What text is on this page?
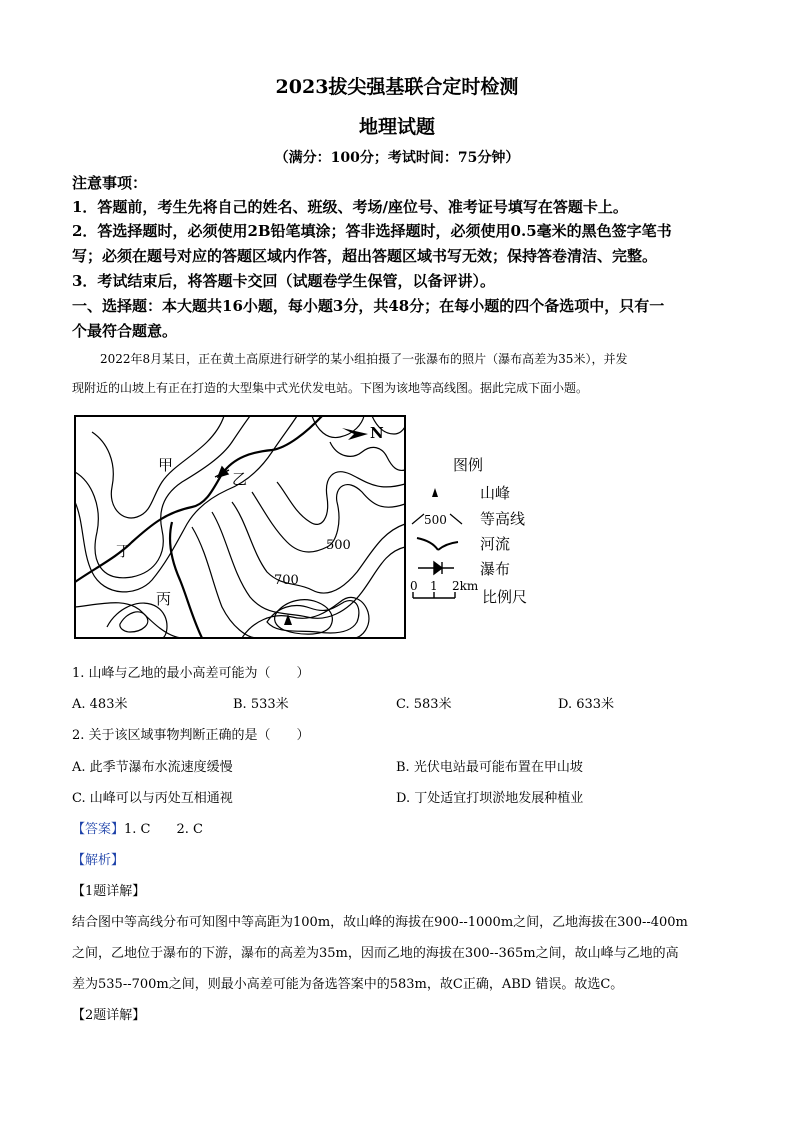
2023拔尖强基联合定时检测
地理试题
（满分：100分；考试时间：75分钟）
注意事项：
1．答题前，考生先将自己的姓名、班级、考场/座位号、准考证号填写在答题卡上。
2．答选择题时，必须使用2B铅笔填涂；答非选择题时，必须使用0.5毫米的黑色签字笔书
写；必须在题号对应的答题区域内作答，超出答题区域书写无效；保持答卷清洁、完整。
3．考试结束后，将答题卡交回（试题卷学生保管，以备评讲）。
一、选择题：本大题共16小题，每小题3分，共48分；在每小题的四个备选项中，只有一
个最符合题意。
2022年8月某日，正在黄土高原进行研学的某小组拍摄了一张瀑布的照片（瀑布高差为35米），并发
现附近的山坡上有正在打造的大型集中式光伏发电站。下图为该地等高线图。据此完成下面小题。
N
甲
乙
丙
丁	500
700
图例
山峰
500 等高线
河流
瀑布
0 1 2km
比例尺
1. 山峰与乙地的最小高差可能为（　　）
A. 483米	B. 533米	C. 583米	D. 633米
2. 关于该区域事物判断正确的是（　　）
A. 此季节瀑布水流速度缓慢	B. 光伏电站最可能布置在甲山坡
C. 山峰可以与丙处互相通视	D. 丁处适宜打坝淤地发展种植业
【答案】1. C　　2. C
【解析】
【1题详解】
结合图中等高线分布可知图中等高距为100m，故山峰的海拔在900--1000m之间，乙地海拔在300--400m
之间，乙地位于瀑布的下游，瀑布的高差为35m，因而乙地的海拔在300--365m之间，故山峰与乙地的高
差为535--700m之间，则最小高差可能为备选答案中的583m，故C正确，ABD 错误。故选C。
【2题详解】
